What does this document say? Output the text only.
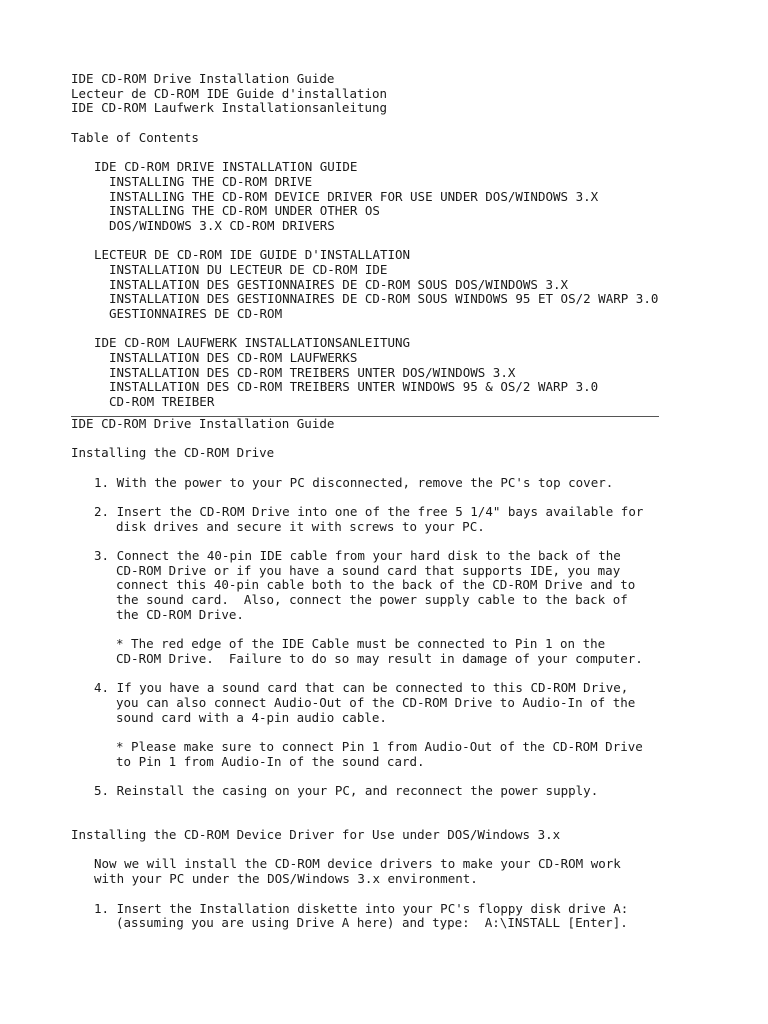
IDE CD-ROM Drive Installation Guide
Lecteur de CD-ROM IDE Guide d'installation
IDE CD-ROM Laufwerk Installationsanleitung
Table of Contents
IDE CD-ROM DRIVE INSTALLATION GUIDE
INSTALLING THE CD-ROM DRIVE
INSTALLING THE CD-ROM DEVICE DRIVER FOR USE UNDER DOS/WINDOWS 3.X
INSTALLING THE CD-ROM UNDER OTHER OS
DOS/WINDOWS 3.X CD-ROM DRIVERS
LECTEUR DE CD-ROM IDE GUIDE D'INSTALLATION
INSTALLATION DU LECTEUR DE CD-ROM IDE
INSTALLATION DES GESTIONNAIRES DE CD-ROM SOUS DOS/WINDOWS 3.X
INSTALLATION DES GESTIONNAIRES DE CD-ROM SOUS WINDOWS 95 ET OS/2 WARP 3.0
GESTIONNAIRES DE CD-ROM
IDE CD-ROM LAUFWERK INSTALLATIONSANLEITUNG
INSTALLATION DES CD-ROM LAUFWERKS
INSTALLATION DES CD-ROM TREIBERS UNTER DOS/WINDOWS 3.X
INSTALLATION DES CD-ROM TREIBERS UNTER WINDOWS 95 & OS/2 WARP 3.0
CD-ROM TREIBER
IDE CD-ROM Drive Installation Guide
Installing the CD-ROM Drive
1. With the power to your PC disconnected, remove the PC's top cover.
2. Insert the CD-ROM Drive into one of the free 5 1/4" bays available for
disk drives and secure it with screws to your PC.
3. Connect the 40-pin IDE cable from your hard disk to the back of the
CD-ROM Drive or if you have a sound card that supports IDE, you may
connect this 40-pin cable both to the back of the CD-ROM Drive and to
the sound card.  Also, connect the power supply cable to the back of
the CD-ROM Drive.
* The red edge of the IDE Cable must be connected to Pin 1 on the
CD-ROM Drive.  Failure to do so may result in damage of your computer.
4. If you have a sound card that can be connected to this CD-ROM Drive,
you can also connect Audio-Out of the CD-ROM Drive to Audio-In of the
sound card with a 4-pin audio cable.
* Please make sure to connect Pin 1 from Audio-Out of the CD-ROM Drive
to Pin 1 from Audio-In of the sound card.
5. Reinstall the casing on your PC, and reconnect the power supply.
Installing the CD-ROM Device Driver for Use under DOS/Windows 3.x
Now we will install the CD-ROM device drivers to make your CD-ROM work
with your PC under the DOS/Windows 3.x environment.
1. Insert the Installation diskette into your PC's floppy disk drive A:
(assuming you are using Drive A here) and type:  A:\INSTALL [Enter].
